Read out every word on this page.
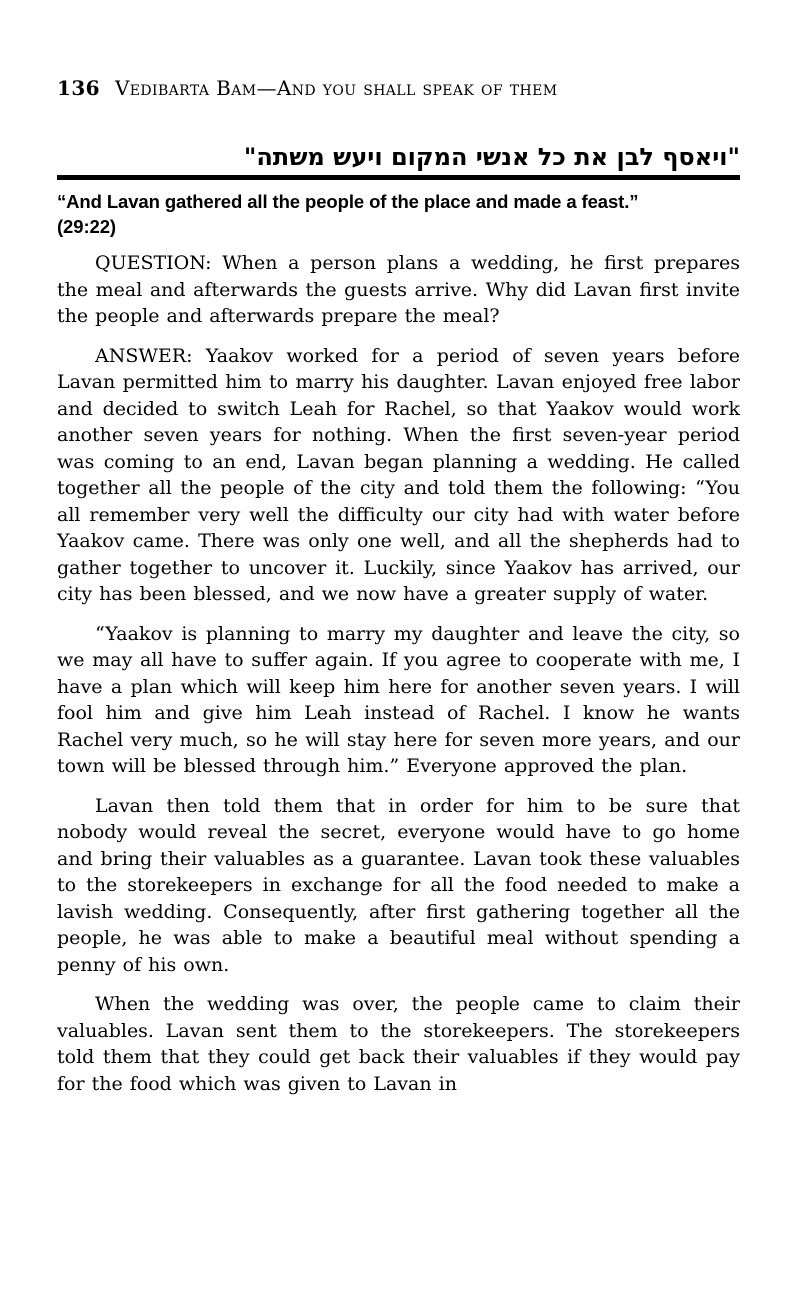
136 Vedibarta Bam—And you shall speak of them
"ויאסף לבן את כל אנשי המקום ויעש משתה"
“And Lavan gathered all the people of the place and made a feast.”
(29:22)

QUESTION: When a person plans a wedding, he first prepares the meal and afterwards the guests arrive. Why did Lavan first invite the people and afterwards prepare the meal?

ANSWER: Yaakov worked for a period of seven years before Lavan permitted him to marry his daughter. Lavan enjoyed free labor and decided to switch Leah for Rachel, so that Yaakov would work another seven years for nothing. When the first seven-year period was coming to an end, Lavan began planning a wedding. He called together all the people of the city and told them the following: “You all remember very well the difficulty our city had with water before Yaakov came. There was only one well, and all the shepherds had to gather together to uncover it. Luckily, since Yaakov has arrived, our city has been blessed, and we now have a greater supply of water.

“Yaakov is planning to marry my daughter and leave the city, so we may all have to suffer again. If you agree to cooperate with me, I have a plan which will keep him here for another seven years. I will fool him and give him Leah instead of Rachel. I know he wants Rachel very much, so he will stay here for seven more years, and our town will be blessed through him.” Everyone approved the plan.

Lavan then told them that in order for him to be sure that nobody would reveal the secret, everyone would have to go home and bring their valuables as a guarantee. Lavan took these valuables to the storekeepers in exchange for all the food needed to make a lavish wedding. Consequently, after first gathering together all the people, he was able to make a beautiful meal without spending a penny of his own.

When the wedding was over, the people came to claim their valuables. Lavan sent them to the storekeepers. The storekeepers told them that they could get back their valuables if they would pay for the food which was given to Lavan in
